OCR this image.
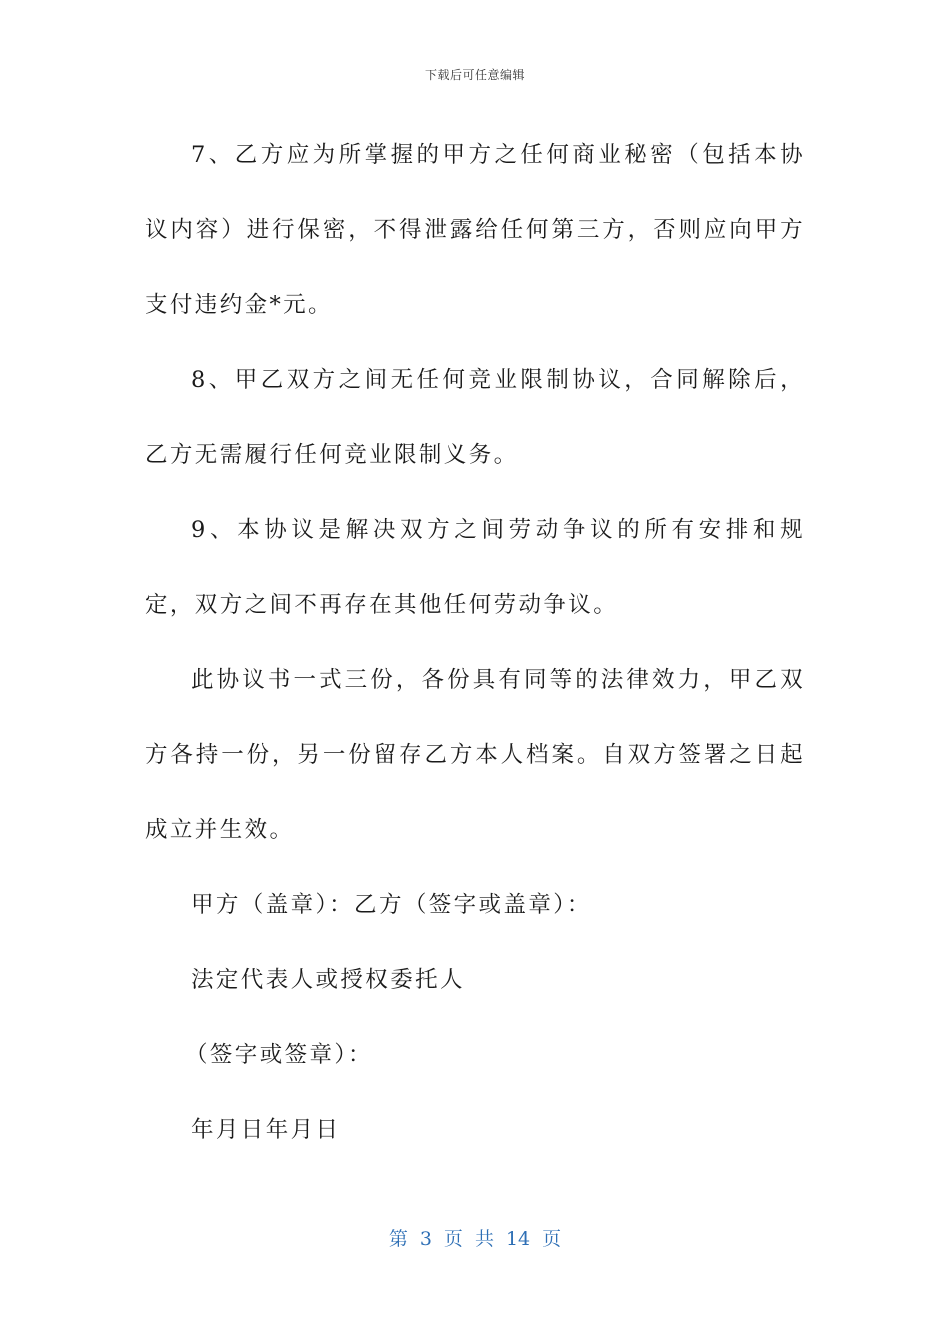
下载后可任意编辑

7、乙方应为所掌握的甲方之任何商业秘密（包括本协议内容）进行保密，不得泄露给任何第三方，否则应向甲方支付违约金*元。

8、甲乙双方之间无任何竞业限制协议，合同解除后，乙方无需履行任何竞业限制义务。

9、本协议是解决双方之间劳动争议的所有安排和规定，双方之间不再存在其他任何劳动争议。

此协议书一式三份，各份具有同等的法律效力，甲乙双方各持一份，另一份留存乙方本人档案。自双方签署之日起成立并生效。

甲方（盖章）：乙方（签字或盖章）：

法定代表人或授权委托人

（签字或签章）：

年月日年月日

第 3 页 共 14 页
